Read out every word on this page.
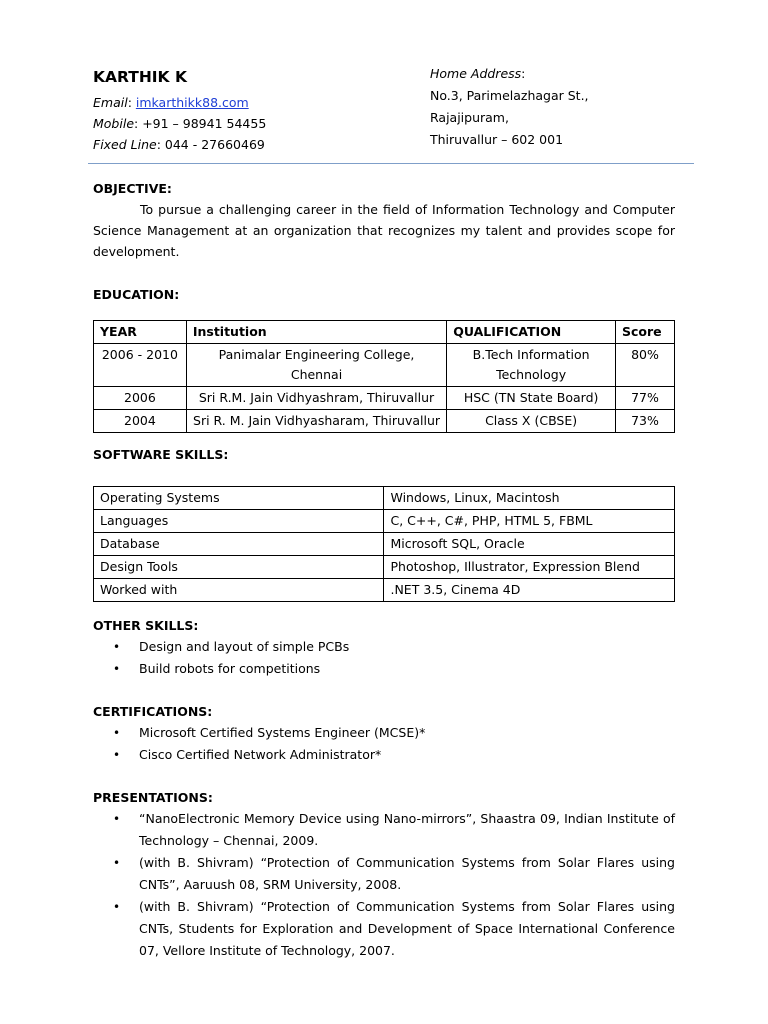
KARTHIK K
Email: imkarthikk88.com
Mobile: +91 – 98941 54455
Fixed Line: 044 - 27660469
Home Address:
No.3, Parimelazhagar St.,
Rajajipuram,
Thiruvallur – 602 001
OBJECTIVE:

To pursue a challenging career in the field of Information Technology and Computer Science Management at an organization that recognizes my talent and provides scope for development.

EDUCATION:
YEAR	Institution	QUALIFICATION	Score
2006 - 2010	Panimalar Engineering College, Chennai	B.Tech Information Technology	80%
2006	Sri R.M. Jain Vidhyashram, Thiruvallur	HSC (TN State Board)	77%
2004	Sri R. M. Jain Vidhyasharam, Thiruvallur	Class X (CBSE)	73%
SOFTWARE SKILLS:
Operating Systems	Windows, Linux, Macintosh
Languages	C, C++, C#, PHP, HTML 5, FBML
Database	Microsoft SQL, Oracle
Design Tools	Photoshop, Illustrator, Expression Blend
Worked with	.NET 3.5, Cinema 4D
OTHER SKILLS:
• Design and layout of simple PCBs
• Build robots for competitions
CERTIFICATIONS:
• Microsoft Certified Systems Engineer (MCSE)*
• Cisco Certified Network Administrator*
PRESENTATIONS:
• “NanoElectronic Memory Device using Nano-mirrors”, Shaastra 09, Indian Institute of Technology – Chennai, 2009.
• (with B. Shivram) “Protection of Communication Systems from Solar Flares using CNTs”, Aaruush 08, SRM University, 2008.
• (with B. Shivram) “Protection of Communication Systems from Solar Flares using CNTs, Students for Exploration and Development of Space International Conference 07, Vellore Institute of Technology, 2007.
